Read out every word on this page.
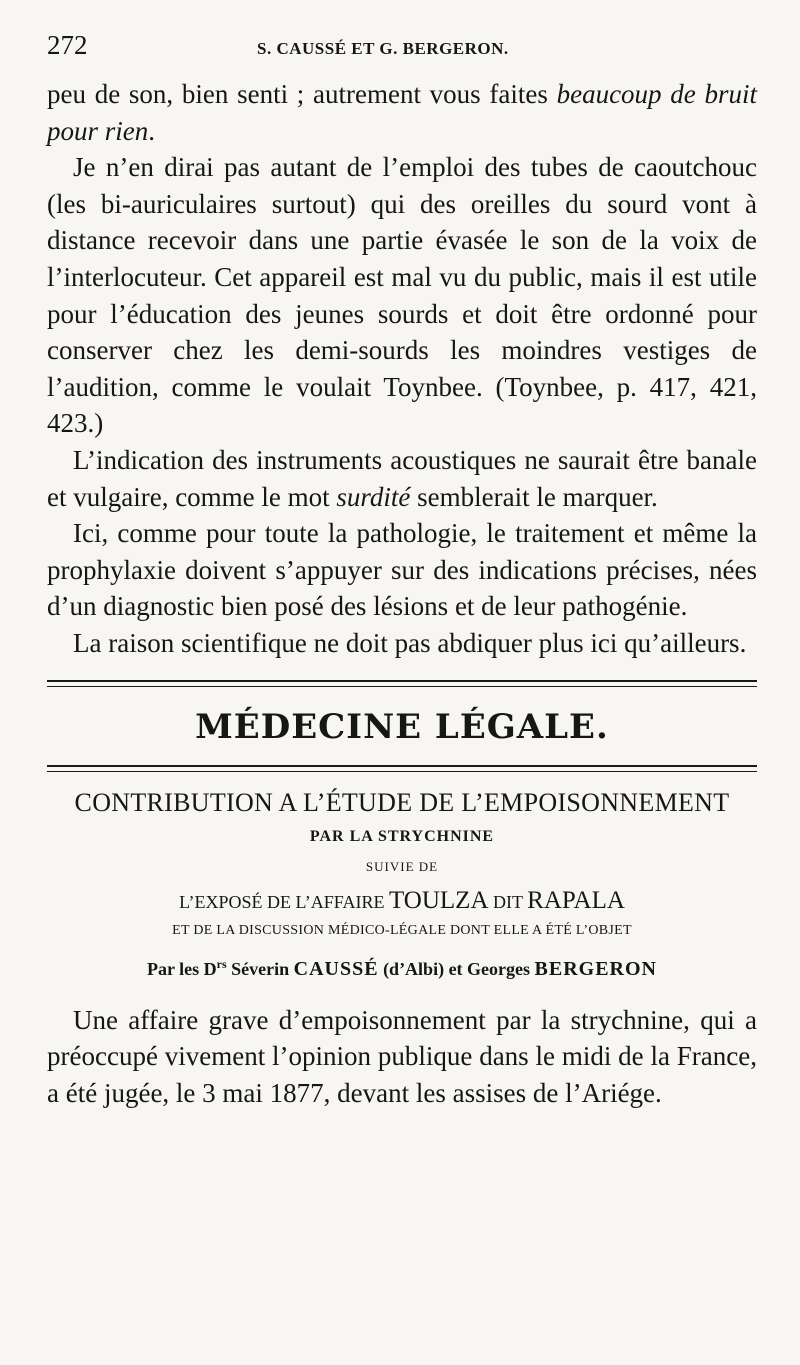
272	S. CAUSSÉ ET G. BERGERON.

peu de son, bien senti ; autrement vous faites beaucoup de bruit pour rien.

Je n’en dirai pas autant de l’emploi des tubes de caoutchouc (les bi-auriculaires surtout) qui des oreilles du sourd vont à distance recevoir dans une partie évasée le son de la voix de l’interlocuteur. Cet appareil est mal vu du public, mais il est utile pour l’éducation des jeunes sourds et doit être ordonné pour conserver chez les demi-sourds les moindres vestiges de l’audition, comme le voulait Toynbee. (Toynbee, p. 417, 421, 423.)

L’indication des instruments acoustiques ne saurait être banale et vulgaire, comme le mot surdité semblerait le marquer.

Ici, comme pour toute la pathologie, le traitement et même la prophylaxie doivent s’appuyer sur des indications précises, nées d’un diagnostic bien posé des lésions et de leur pathogénie.

La raison scientifique ne doit pas abdiquer plus ici qu’ailleurs.

MÉDECINE LÉGALE.
CONTRIBUTION A L’ÉTUDE DE L’EMPOISONNEMENT
PAR LA STRYCHNINE
SUIVIE DE
L’EXPOSÉ DE L’AFFAIRE TOULZA DIT RAPALA
ET DE LA DISCUSSION MÉDICO-LÉGALE DONT ELLE A ÉTÉ L’OBJET
Par les $D^{rs}$ Séverin CAUSSÉ (d’Albi) et Georges BERGERON

Une affaire grave d’empoisonnement par la strychnine, qui a préoccupé vivement l’opinion publique dans le midi de la France, a été jugée, le 3 mai 1877, devant les assises de l’Ariége.
